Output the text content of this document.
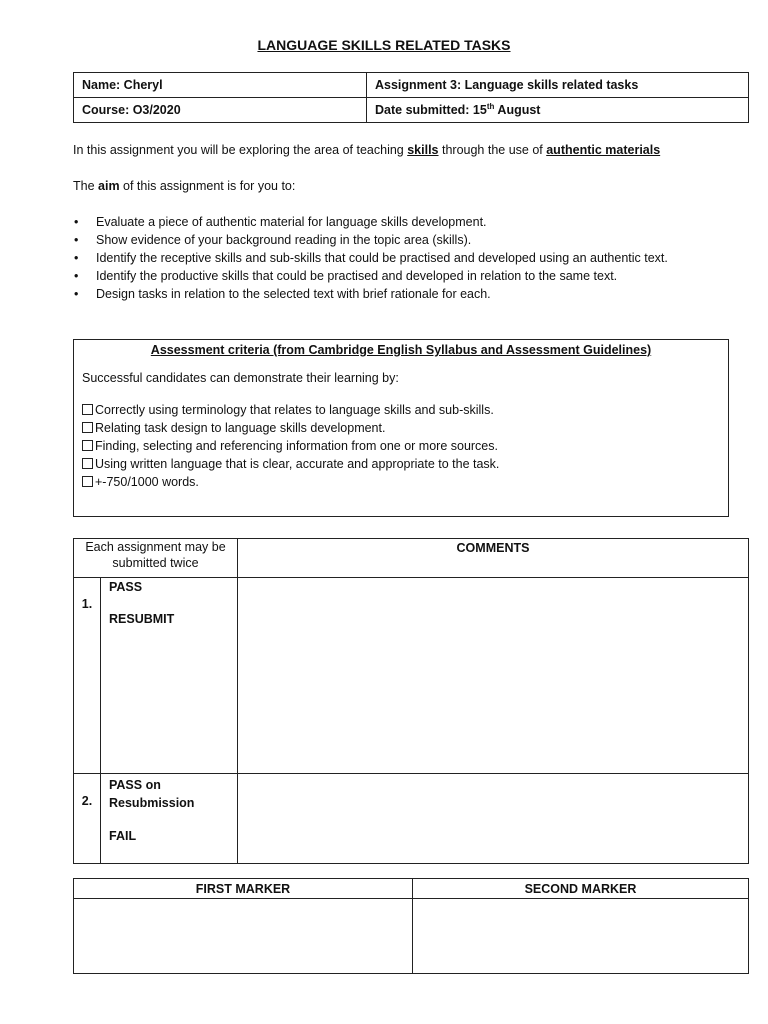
LANGUAGE SKILLS RELATED TASKS
Name: Cheryl	Assignment 3: Language skills related tasks
Course: O3/2020	Date submitted: 15th August
In this assignment you will be exploring the area of teaching skills through the use of authentic materials
The aim of this assignment is for you to:
• Evaluate a piece of authentic material for language skills development.
• Show evidence of your background reading in the topic area (skills).
• Identify the receptive skills and sub-skills that could be practised and developed using an authentic text.
• Identify the productive skills that could be practised and developed in relation to the same text.
• Design tasks in relation to the selected text with brief rationale for each.
Assessment criteria (from Cambridge English Syllabus and Assessment Guidelines)
Successful candidates can demonstrate their learning by:
Correctly using terminology that relates to language skills and sub-skills.
Relating task design to language skills development.
Finding, selecting and referencing information from one or more sources.
Using written language that is clear, accurate and appropriate to the task.
+-750/1000 words.
Each assignment may be submitted twice		COMMENTS
1.	PASS
RESUBMIT	

2.	PASS on Resubmission
FAIL	

FIRST MARKER	SECOND MARKER
